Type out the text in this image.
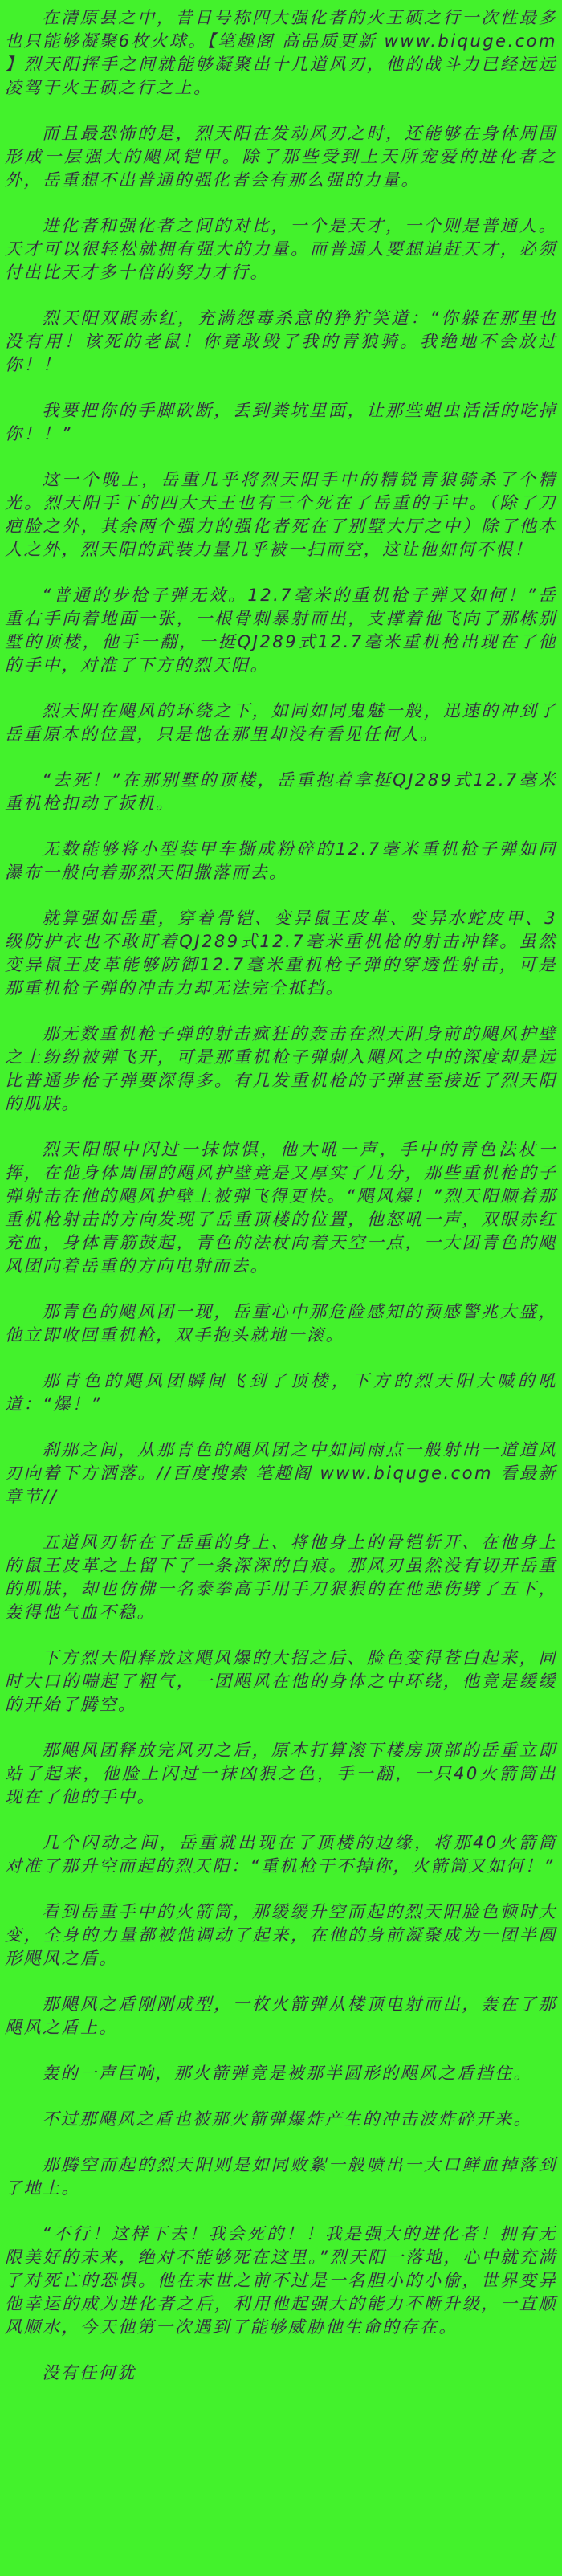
在清原县之中，昔日号称四大强化者的火王硕之行一次性最多也只能够凝聚6枚火球。【笔趣阁 高品质更新 www.biquge.com 】烈天阳挥手之间就能够凝聚出十几道风刃，他的战斗力已经远远凌驾于火王硕之行之上。

而且最恐怖的是，烈天阳在发动风刃之时，还能够在身体周围形成一层强大的飓风铠甲。除了那些受到上天所宠爱的进化者之外，岳重想不出普通的强化者会有那么强的力量。

进化者和强化者之间的对比，一个是天才，一个则是普通人。天才可以很轻松就拥有强大的力量。而普通人要想追赶天才，必须付出比天才多十倍的努力才行。

烈天阳双眼赤红，充满怨毒杀意的狰狞笑道：“你躲在那里也没有用！该死的老鼠！你竟敢毁了我的青狼骑。我绝地不会放过你！！

我要把你的手脚砍断，丢到粪坑里面，让那些蛆虫活活的吃掉你！！”

这一个晚上，岳重几乎将烈天阳手中的精锐青狼骑杀了个精光。烈天阳手下的四大天王也有三个死在了岳重的手中。（除了刀疤脸之外，其余两个强力的强化者死在了别墅大厅之中）除了他本人之外，烈天阳的武装力量几乎被一扫而空，这让他如何不恨！

“普通的步枪子弹无效。12.7毫米的重机枪子弹又如何！”岳重右手向着地面一张，一根骨刺暴射而出，支撑着他飞向了那栋别墅的顶楼，他手一翻，一挺QJ289式12.7毫米重机枪出现在了他的手中，对准了下方的烈天阳。

烈天阳在飓风的环绕之下，如同如同鬼魅一般，迅速的冲到了岳重原本的位置，只是他在那里却没有看见任何人。

“去死！”在那别墅的顶楼，岳重抱着拿挺QJ289式12.7毫米重机枪扣动了扳机。

无数能够将小型装甲车撕成粉碎的12.7毫米重机枪子弹如同瀑布一般向着那烈天阳撒落而去。

就算强如岳重，穿着骨铠、变异鼠王皮革、变异水蛇皮甲、3级防护衣也不敢盯着QJ289式12.7毫米重机枪的射击冲锋。虽然变异鼠王皮革能够防御12.7毫米重机枪子弹的穿透性射击，可是那重机枪子弹的冲击力却无法完全抵挡。

那无数重机枪子弹的射击疯狂的轰击在烈天阳身前的飓风护壁之上纷纷被弹飞开，可是那重机枪子弹刺入飓风之中的深度却是远比普通步枪子弹要深得多。有几发重机枪的子弹甚至接近了烈天阳的肌肤。

烈天阳眼中闪过一抹惊惧，他大吼一声，手中的青色法杖一挥，在他身体周围的飓风护壁竟是又厚实了几分，那些重机枪的子弹射击在他的飓风护壁上被弹飞得更快。“飓风爆！”烈天阳顺着那重机枪射击的方向发现了岳重顶楼的位置，他怒吼一声，双眼赤红充血，身体青筋鼓起，青色的法杖向着天空一点，一大团青色的飓风团向着岳重的方向电射而去。

那青色的飓风团一现，岳重心中那危险感知的预感警兆大盛，他立即收回重机枪，双手抱头就地一滚。

那青色的飓风团瞬间飞到了顶楼，下方的烈天阳大喊的吼道：“爆！”

刹那之间，从那青色的飓风团之中如同雨点一般射出一道道风刃向着下方洒落。//百度搜索 笔趣阁 www.biquge.com 看最新章节//

五道风刃斩在了岳重的身上、将他身上的骨铠斩开、在他身上的鼠王皮革之上留下了一条深深的白痕。那风刃虽然没有切开岳重的肌肤，却也仿佛一名泰拳高手用手刀狠狠的在他悲伤劈了五下，轰得他气血不稳。

下方烈天阳释放这飓风爆的大招之后、脸色变得苍白起来，同时大口的喘起了粗气，一团飓风在他的身体之中环绕，他竟是缓缓的开始了腾空。

那飓风团释放完风刃之后，原本打算滚下楼房顶部的岳重立即站了起来，他脸上闪过一抹凶狠之色，手一翻，一只40火箭筒出现在了他的手中。

几个闪动之间，岳重就出现在了顶楼的边缘，将那40火箭筒对准了那升空而起的烈天阳：“重机枪干不掉你，火箭筒又如何！”

看到岳重手中的火箭筒，那缓缓升空而起的烈天阳脸色顿时大变，全身的力量都被他调动了起来，在他的身前凝聚成为一团半圆形飓风之盾。

那飓风之盾刚刚成型，一枚火箭弹从楼顶电射而出，轰在了那飓风之盾上。

轰的一声巨响，那火箭弹竟是被那半圆形的飓风之盾挡住。

不过那飓风之盾也被那火箭弹爆炸产生的冲击波炸碎开来。

那腾空而起的烈天阳则是如同败絮一般喷出一大口鲜血掉落到了地上。

“不行！这样下去！我会死的！！我是强大的进化者！拥有无限美好的未来，绝对不能够死在这里。”烈天阳一落地，心中就充满了对死亡的恐惧。他在末世之前不过是一名胆小的小偷，世界变异他幸运的成为进化者之后，利用他起强大的能力不断升级，一直顺风顺水，今天他第一次遇到了能够威胁他生命的存在。

没有任何犹
